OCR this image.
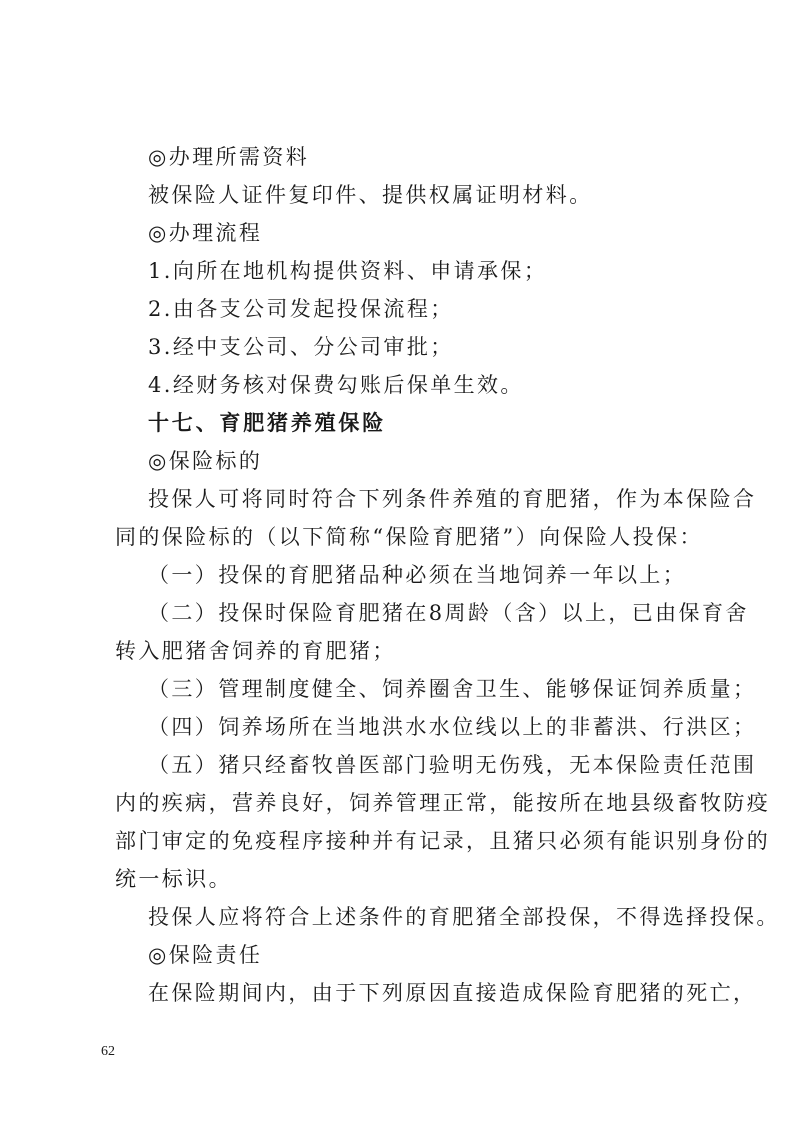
◎办理所需资料
被保险人证件复印件、提供权属证明材料。
◎办理流程
1.向所在地机构提供资料、申请承保；
2.由各支公司发起投保流程；
3.经中支公司、分公司审批；
4.经财务核对保费勾账后保单生效。
十七、育肥猪养殖保险
◎保险标的
投保人可将同时符合下列条件养殖的育肥猪，作为本保险合
同的保险标的（以下简称“保险育肥猪”）向保险人投保：
（一）投保的育肥猪品种必须在当地饲养一年以上；
（二）投保时保险育肥猪在8周龄（含）以上，已由保育舍
转入肥猪舍饲养的育肥猪；
（三）管理制度健全、饲养圈舍卫生、能够保证饲养质量；
（四）饲养场所在当地洪水水位线以上的非蓄洪、行洪区；
（五）猪只经畜牧兽医部门验明无伤残，无本保险责任范围
内的疾病，营养良好，饲养管理正常，能按所在地县级畜牧防疫
部门审定的免疫程序接种并有记录，且猪只必须有能识别身份的
统一标识。
投保人应将符合上述条件的育肥猪全部投保，不得选择投保。
◎保险责任
在保险期间内，由于下列原因直接造成保险育肥猪的死亡，
62
